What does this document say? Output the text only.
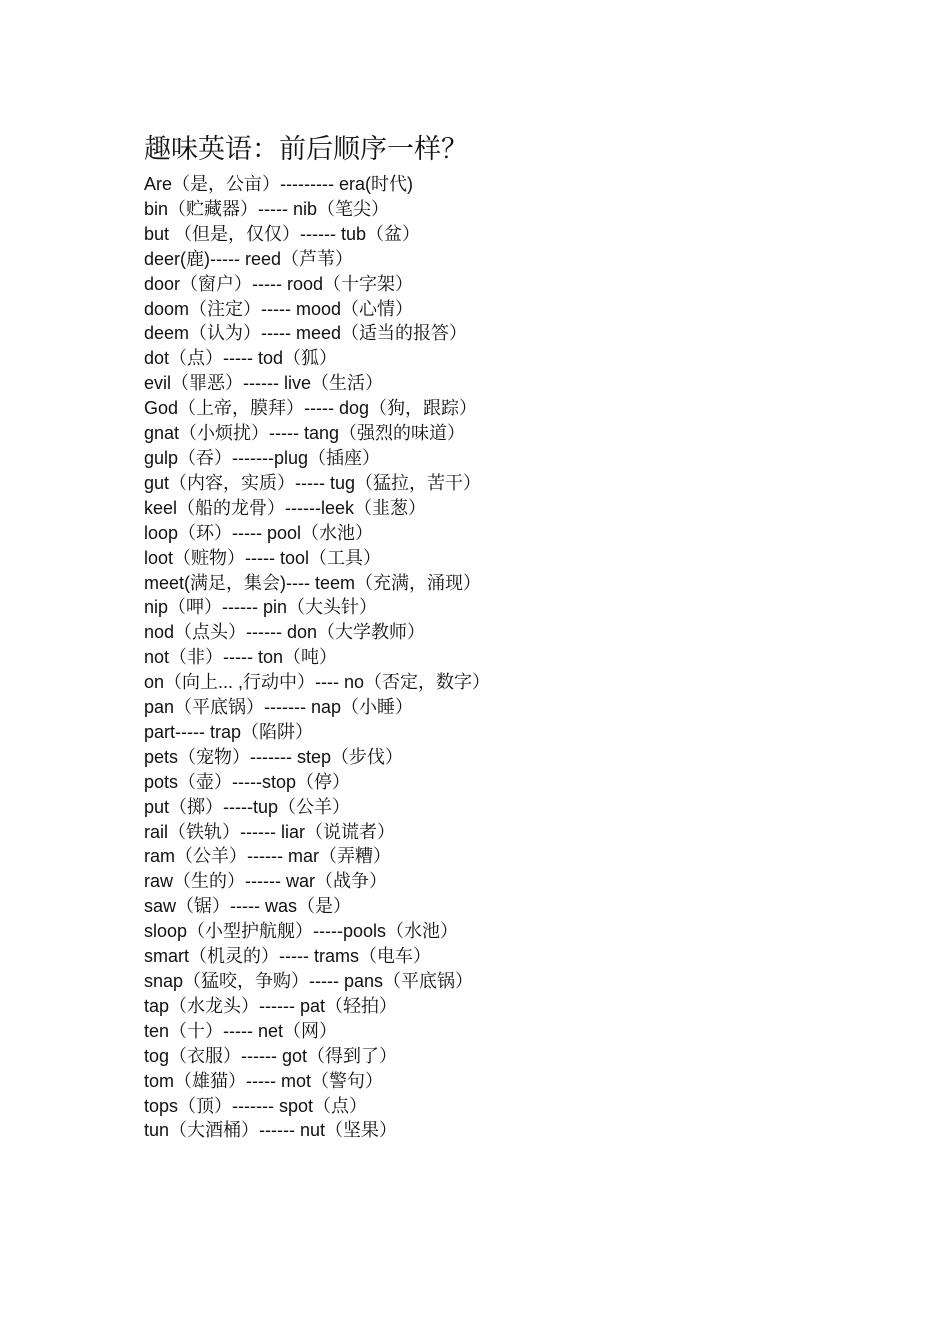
趣味英语：前后顺序一样？
Are（是，公亩）--------- era(时代)
bin（贮藏器）----- nib（笔尖）
but （但是，仅仅）------ tub（盆）
deer(鹿)----- reed（芦苇）
door（窗户）----- rood（十字架）
doom（注定）----- mood（心情）
deem（认为）----- meed（适当的报答）
dot（点）----- tod（狐）
evil（罪恶）------ live（生活）
God（上帝，膜拜）----- dog（狗，跟踪）
gnat（小烦扰）----- tang（强烈的味道）
gulp（吞）-------plug（插座）
gut（内容，实质）----- tug（猛拉，苦干）
keel（船的龙骨）------leek（韭葱）
loop（环）----- pool（水池）
loot（赃物）----- tool（工具）
meet(满足，集会)---- teem（充满，涌现）
nip（呷）------ pin（大头针）
nod（点头）------ don（大学教师）
not（非）----- ton（吨）
on（向上... ,行动中）---- no（否定，数字）
pan（平底锅）------- nap（小睡）
part----- trap（陷阱）
pets（宠物）------- step（步伐）
pots（壶）-----stop（停）
put（掷）-----tup（公羊）
rail（铁轨）------ liar（说谎者）
ram（公羊）------ mar（弄糟）
raw（生的）------ war（战争）
saw（锯）----- was（是）
sloop（小型护航舰）-----pools（水池）
smart（机灵的）----- trams（电车）
snap（猛咬，争购）----- pans（平底锅）
tap（水龙头）------ pat（轻拍）
ten（十）----- net（网）
tog（衣服）------ got（得到了）
tom（雄猫）----- mot（警句）
tops（顶）------- spot（点）
tun（大酒桶）------ nut（坚果）
